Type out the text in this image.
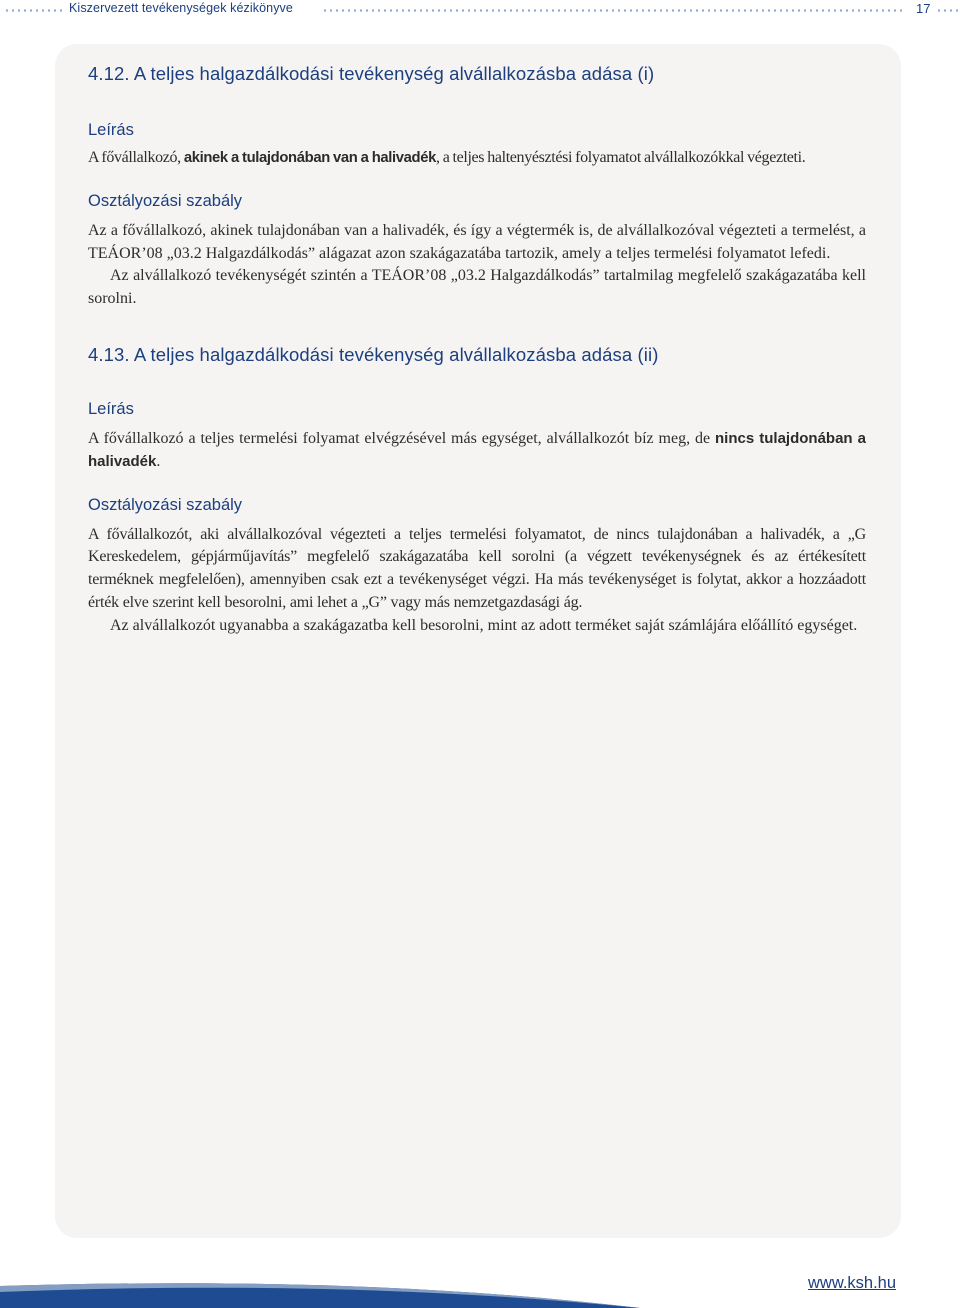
Kiszervezett tevékenységek kézikönyve	17
4.12. A teljes halgazdálkodási tevékenység alvállalkozásba adása (i)
Leírás

A fővállalkozó, akinek a tulajdonában van a halivadék, a teljes haltenyésztési folyamatot alvállalkozókkal végezteti.

Osztályozási szabály

Az a fővállalkozó, akinek tulajdonában van a halivadék, és így a végtermék is, de alvállalkozóval végezteti a termelést, a TEÁOR’08 „03.2 Halgazdálkodás” alágazat azon szakágazatába tartozik, amely a teljes termelési folyamatot lefedi.

Az alvállalkozó tevékenységét szintén a TEÁOR’08 „03.2 Halgazdálkodás” tartalmilag megfelelő szakágazatába kell sorolni.

4.13. A teljes halgazdálkodási tevékenység alvállalkozásba adása (ii)
Leírás

A fővállalkozó a teljes termelési folyamat elvégzésével más egységet, alvállalkozót bíz meg, de nincs tulajdonában a halivadék.

Osztályozási szabály

A fővállalkozót, aki alvállalkozóval végezteti a teljes termelési folyamatot, de nincs tulajdonában a halivadék, a „G Kereskedelem, gépjárműjavítás” megfelelő szakágazatába kell sorolni (a végzett tevékenységnek és az értékesített terméknek megfelelően), amennyiben csak ezt a tevékenységet végzi. Ha más tevékenységet is folytat, akkor a hozzáadott érték elve szerint kell besorolni, ami lehet a „G” vagy más nemzetgazdasági ág.

Az alvállalkozót ugyanabba a szakágazatba kell besorolni, mint az adott terméket saját számlájára előállító egységet.

www.ksh.hu
